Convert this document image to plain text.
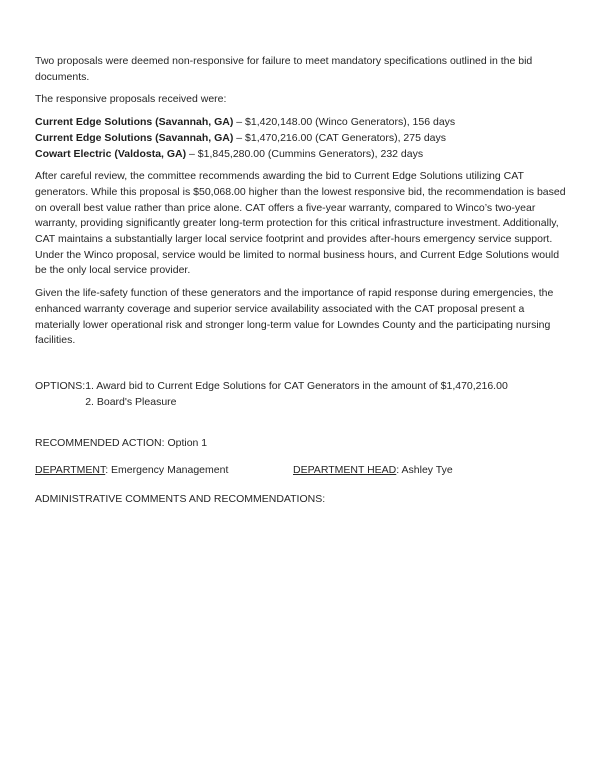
Two proposals were deemed non-responsive for failure to meet mandatory specifications outlined in the bid documents.

The responsive proposals received were:

Current Edge Solutions (Savannah, GA) – $1,420,148.00 (Winco Generators), 156 days
Current Edge Solutions (Savannah, GA) – $1,470,216.00 (CAT Generators), 275 days
Cowart Electric (Valdosta, GA) – $1,845,280.00 (Cummins Generators), 232 days

After careful review, the committee recommends awarding the bid to Current Edge Solutions utilizing CAT generators. While this proposal is $50,068.00 higher than the lowest responsive bid, the recommendation is based on overall best value rather than price alone. CAT offers a five-year warranty, compared to Winco’s two-year warranty, providing significantly greater long-term protection for this critical infrastructure investment. Additionally, CAT maintains a substantially larger local service footprint and provides after-hours emergency service support. Under the Winco proposal, service would be limited to normal business hours, and Current Edge Solutions would be the only local service provider.

Given the life-safety function of these generators and the importance of rapid response during emergencies, the enhanced warranty coverage and superior service availability associated with the CAT proposal present a materially lower operational risk and stronger long-term value for Lowndes County and the participating nursing facilities.

OPTIONS: 1. Award bid to Current Edge Solutions for CAT Generators in the amount of $1,470,216.00
2. Board's Pleasure
RECOMMENDED ACTION: Option 1
DEPARTMENT: Emergency Management	DEPARTMENT HEAD: Ashley Tye
ADMINISTRATIVE COMMENTS AND RECOMMENDATIONS:
